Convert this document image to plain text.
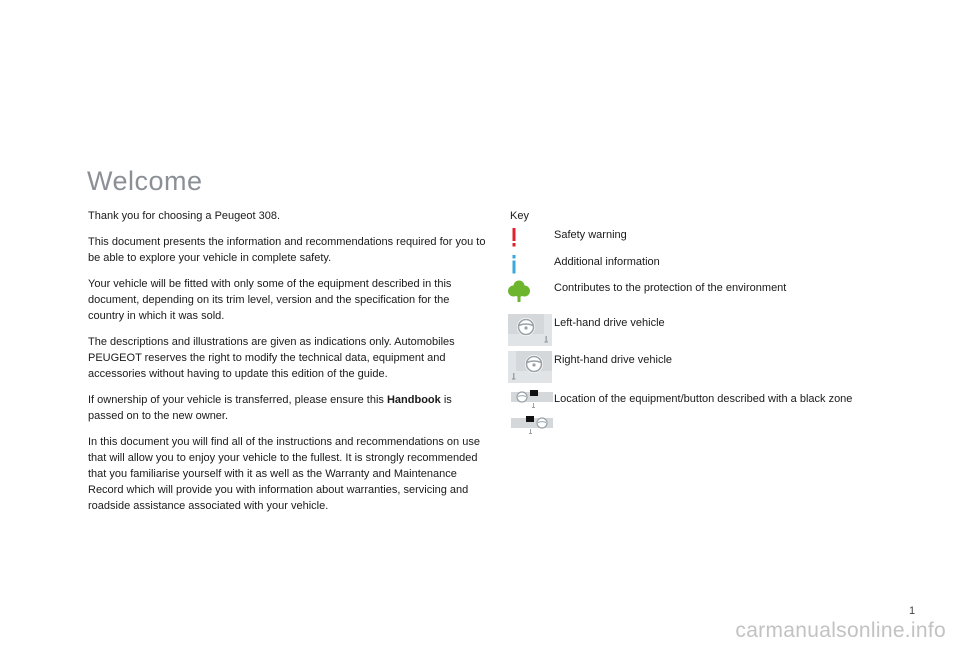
Welcome

Thank you for choosing a Peugeot 308.

This document presents the information and recommendations required for you to be able to explore your vehicle in complete safety.

Your vehicle will be fitted with only some of the equipment described in this document, depending on its trim level, version and the specification for the country in which it was sold.

The descriptions and illustrations are given as indications only. Automobiles PEUGEOT reserves the right to modify the technical data, equipment and accessories without having to update this edition of the guide.

If ownership of your vehicle is transferred, please ensure this Handbook is passed on to the new owner.

In this document you will find all of the instructions and recommendations on use that will allow you to enjoy your vehicle to the fullest. It is strongly recommended that you familiarise yourself with it as well as the Warranty and Maintenance Record which will provide you with information about warranties, servicing and roadside assistance associated with your vehicle.

Key
Safety warning
Additional information
Contributes to the protection of the environment
Left-hand drive vehicle
Right-hand drive vehicle
Location of the equipment/button described with a black zone
1
carmanualsonline.info
